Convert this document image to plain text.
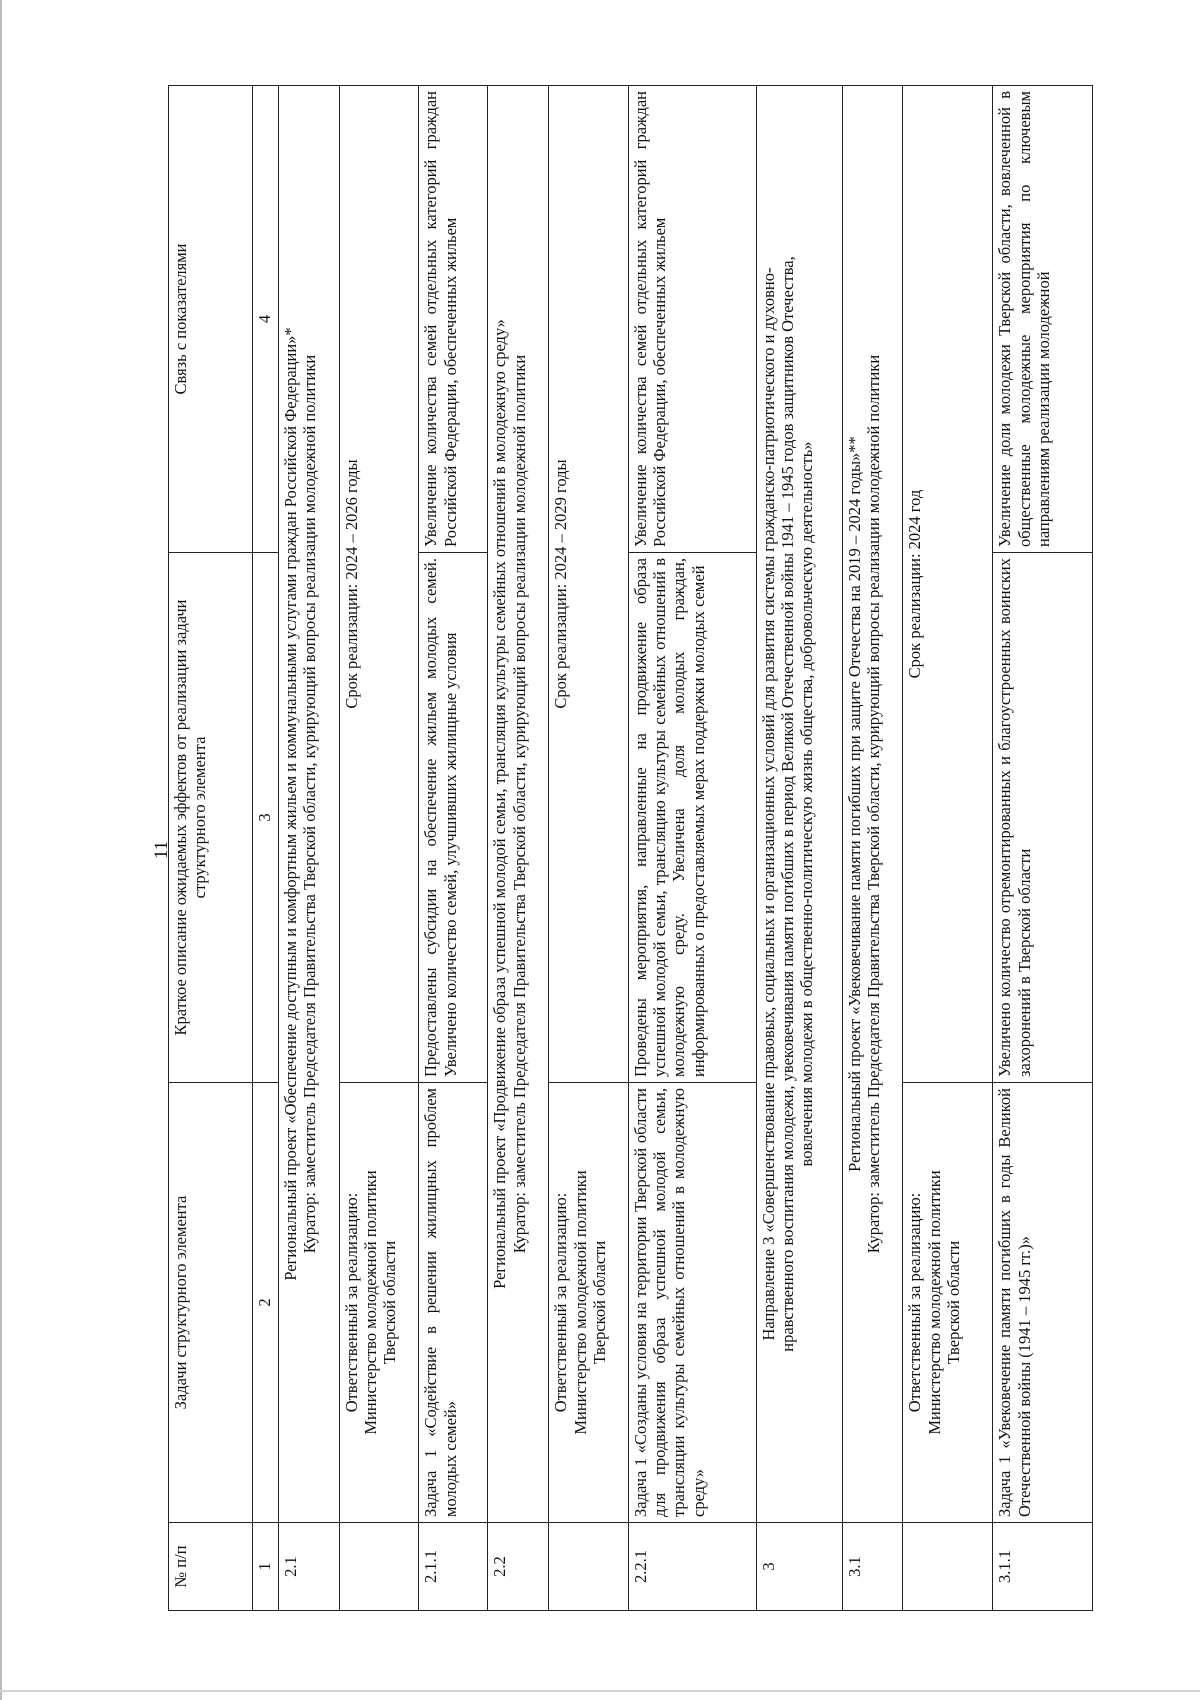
11
№ п/п	Задачи структурного элемента	Краткое описание ожидаемых эффектов от реализации задачи структурного элемента	Связь с показателями
1	2	3	4
2.1	Региональный проект «Обеспечение доступным и комфортным жильем и коммунальными услугами граждан Российской Федерации»* Куратор: заместитель Председателя Правительства Тверской области, курирующий вопросы реализации молодежной политики		

	Ответственный за реализацию: Министерство молодежной политики Тверской области	Срок реализации: 2024 – 2026 годы	
2.1.1	Задача 1 «Содействие в решении жилищных проблем молодых семей»	Предоставлены субсидии на обеспечение жильем молодых семей. Увеличено количество семей, улучшивших жилищные условия	Увеличение количества семей отдельных категорий граждан Российской Федерации, обеспеченных жильем
2.2	Региональный проект «Продвижение образа успешной молодой семьи, трансляция культуры семейных отношений в молодежную среду» Куратор: заместитель Председателя Правительства Тверской области, курирующий вопросы реализации молодежной политики		

	Ответственный за реализацию: Министерство молодежной политики Тверской области	Срок реализации: 2024 – 2029 годы	
2.2.1	Задача 1 «Созданы условия на территории Тверской области для продвижения образа успешной молодой семьи, трансляции культуры семейных отношений в молодежную среду»	Проведены мероприятия, направленные на продвижение образа успешной молодой семьи, трансляцию культуры семейных отношений в молодежную среду. Увеличена доля молодых граждан, информированных о предоставляемых мерах поддержки молодых семей	Увеличение количества семей отдельных категорий граждан Российской Федерации, обеспеченных жильем
3	Направление 3 «Совершенствование правовых, социальных и организационных условий для развития системы гражданско-патриотического и духовно- нравственного воспитания молодежи, увековечивания памяти погибших в период Великой Отечественной войны 1941 – 1945 годов защитников Отечества, вовлечения молодежи в общественно-политическую жизнь общества, добровольческую деятельность»		

3.1	Региональный проект «Увековечивание памяти погибших при защите Отечества на 2019 – 2024 годы»** Куратор: заместитель Председателя Правительства Тверской области, курирующий вопросы реализации молодежной политики		

	Ответственный за реализацию: Министерство молодежной политики Тверской области	Срок реализации: 2024 год	
3.1.1	Задача 1 «Увековечение памяти погибших в годы Великой Отечественной войны (1941 – 1945 гг.)»	Увеличено количество отремонтированных и благоустроенных воинских захоронений в Тверской области	Увеличение доли молодежи Тверской области, вовлеченной в общественные молодежные мероприятия по ключевым направлениям реализации молодежной
